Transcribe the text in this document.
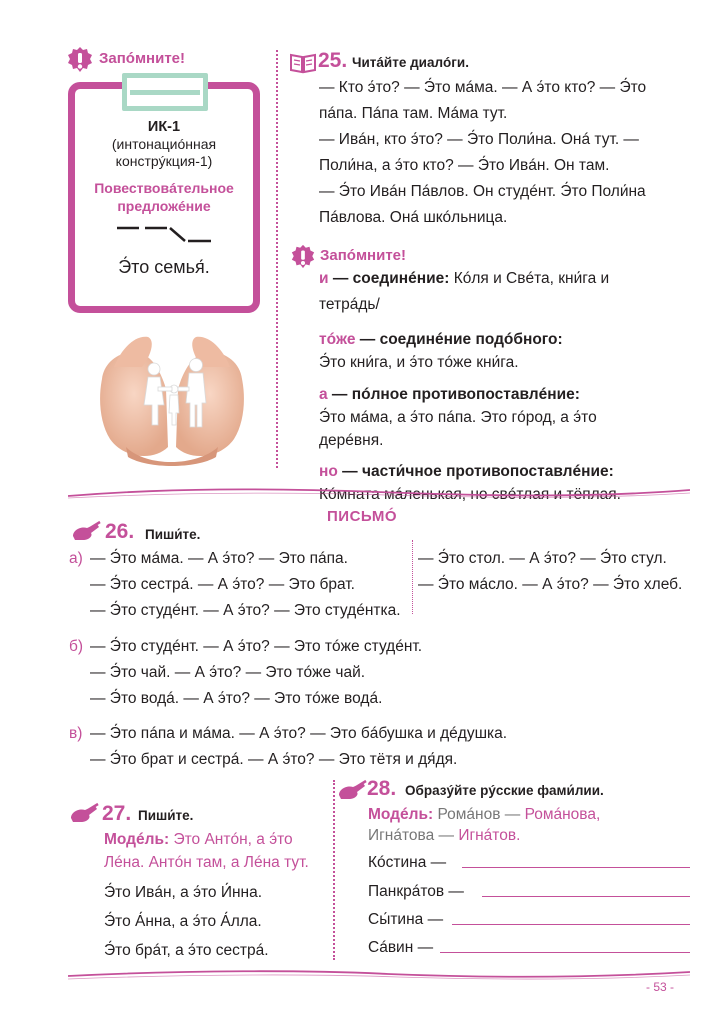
Запóмните!
ИК-1
(интонациóнная
констрýкция-1)
Повествовáтельное
предложéние
Э́то семья́.
25. Читáйте диалóги.
— Кто э́то? — Э́то мáма. — А э́то кто? — Э́то
пáпа. Пáпа там. Мáма тут.
— Ивáн, кто э́то? — Э́то Поли́на. Онá тут. —
Поли́на, а э́то кто? — Э́то Ивáн. Он там.
— Э́то Ивáн Пáвлов. Он студéнт. Э́то Поли́на
Пáвлова. Онá шкóльница.
Запóмните!
и — соединéние: Кóля и Свéта, кни́га и
тетрáдь/
тóже — соединéние подóбного:
Э́то кни́га, и э́то тóже кни́га.
а — пóлное противопоставлéние:
Э́то мáма, а э́то пáпа. Это гóрод, а э́то
дерéвня.
но — части́чное противопоставлéние:
Кóмната мáленькая, но свéтлая и тёплая.
ПИСЬМÓ
26. Пиши́те.
а) — Э́то мáма. — А э́то? — Это пáпа.
— Э́то сестрá. — А э́то? — Это брат.
— Э́то студéнт. — А э́то? — Это студéнтка.
— Э́то стол. — А э́то? — Э́то стул.
— Э́то мáсло. — А э́то? — Э́то хлеб.
б) — Э́то студéнт. — А э́то? — Это тóже студéнт.
— Э́то чай. — А э́то? — Это тóже чай.
— Э́то водá. — А э́то? — Это тóже водá.
в) — Э́то пáпа и мáма. — А э́то? — Это бáбушка и дéдушка.
— Э́то брат и сестрá. — А э́то? — Это тётя и дя́дя.
27. Пиши́те.
Модéль: Это Антóн, а э́то
Лéна. Антóн там, а Лéна тут.
Э́то Ивáн, а э́то И́нна.
Э́то А́нна, а э́то А́лла.
Э́то брáт, а э́то сестрá.
28. Образýйте рýсские фами́лии.
Модéль: Ромáнов — Ромáнова,
Игнáтова — Игнáтов.
Кóстина —
Панкрáтов —
Сы́тина —
Сáвин —
- 53 -
